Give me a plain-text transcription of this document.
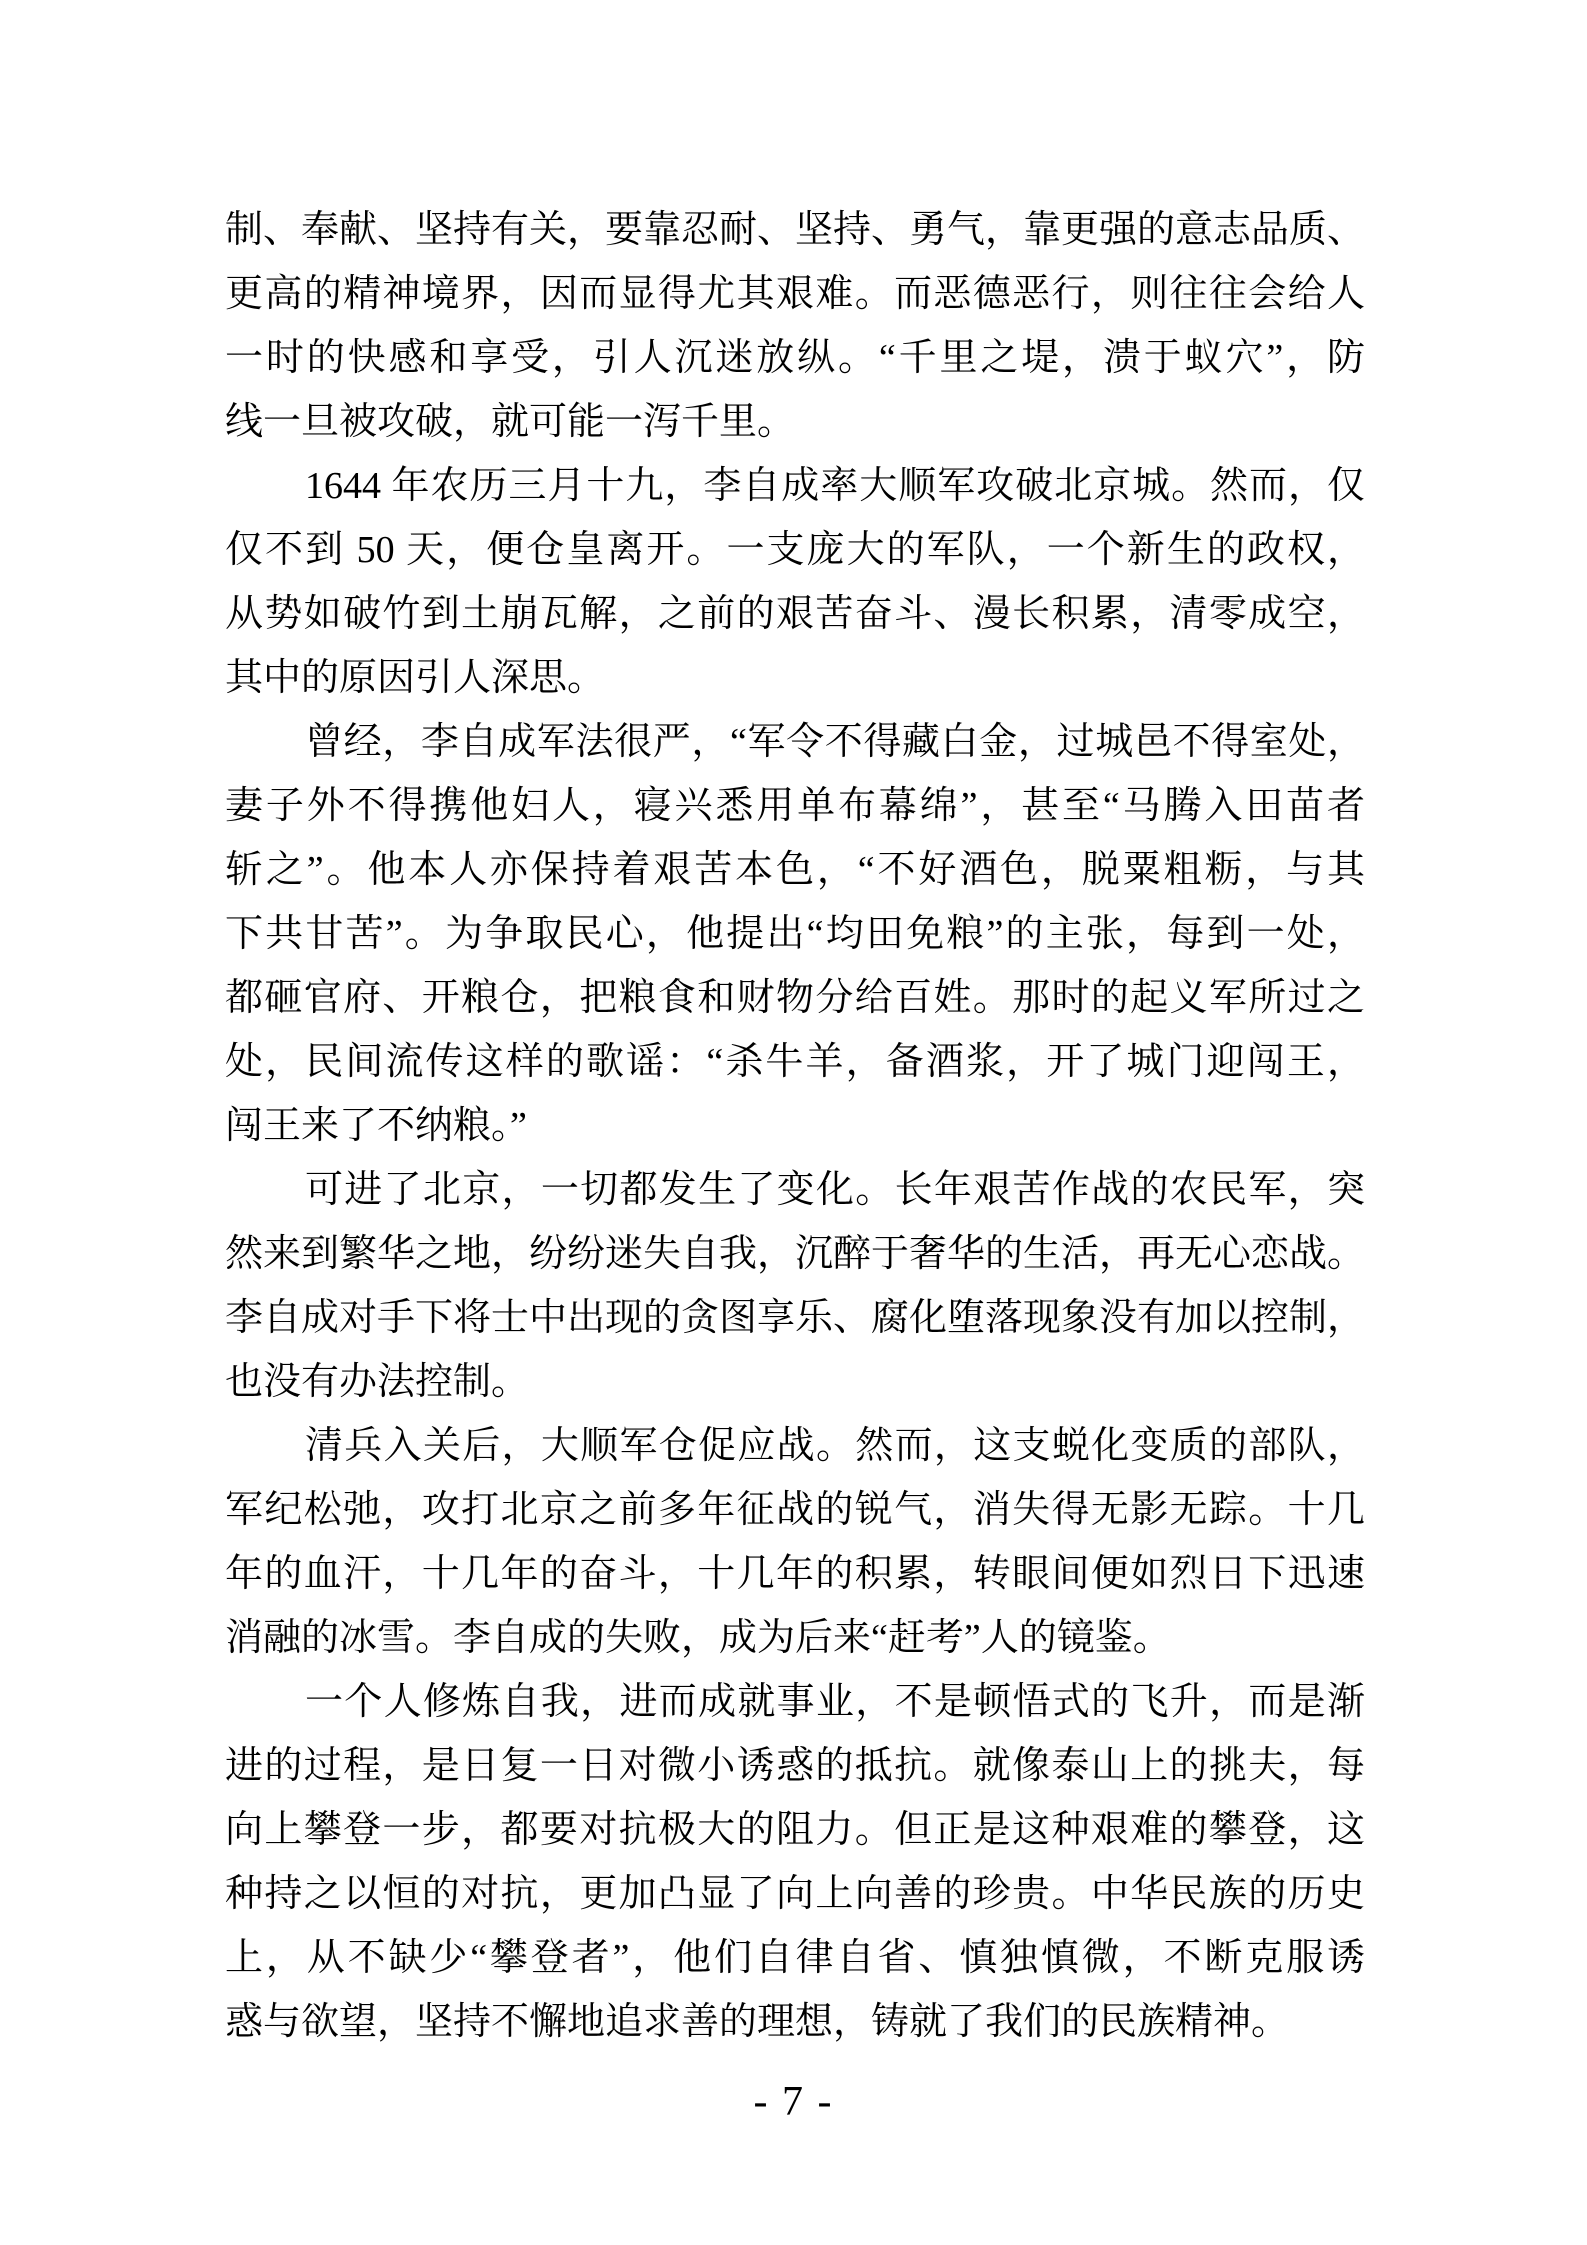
制、奉献、坚持有关，要靠忍耐、坚持、勇气，靠更强的意志品质、
更高的精神境界，因而显得尤其艰难。而恶德恶行，则往往会给人
一时的快感和享受，引人沉迷放纵。“千里之堤，溃于蚁穴”，防
线一旦被攻破，就可能一泻千里。
1644 年农历三月十九，李自成率大顺军攻破北京城。然而，仅
仅不到 50 天，便仓皇离开。一支庞大的军队，一个新生的政权，
从势如破竹到土崩瓦解，之前的艰苦奋斗、漫长积累，清零成空，
其中的原因引人深思。
曾经，李自成军法很严，“军令不得藏白金，过城邑不得室处，
妻子外不得携他妇人，寝兴悉用单布幕绵”，甚至“马腾入田苗者
斩之”。他本人亦保持着艰苦本色，“不好酒色，脱粟粗粝，与其
下共甘苦”。为争取民心，他提出“均田免粮”的主张，每到一处，
都砸官府、开粮仓，把粮食和财物分给百姓。那时的起义军所过之
处，民间流传这样的歌谣：“杀牛羊，备酒浆，开了城门迎闯王，
闯王来了不纳粮。”
可进了北京，一切都发生了变化。长年艰苦作战的农民军，突
然来到繁华之地，纷纷迷失自我，沉醉于奢华的生活，再无心恋战。
李自成对手下将士中出现的贪图享乐、腐化堕落现象没有加以控制，
也没有办法控制。
清兵入关后，大顺军仓促应战。然而，这支蜕化变质的部队，
军纪松弛，攻打北京之前多年征战的锐气，消失得无影无踪。十几
年的血汗，十几年的奋斗，十几年的积累，转眼间便如烈日下迅速
消融的冰雪。李自成的失败，成为后来“赶考”人的镜鉴。
一个人修炼自我，进而成就事业，不是顿悟式的飞升，而是渐
进的过程，是日复一日对微小诱惑的抵抗。就像泰山上的挑夫，每
向上攀登一步，都要对抗极大的阻力。但正是这种艰难的攀登，这
种持之以恒的对抗，更加凸显了向上向善的珍贵。中华民族的历史
上，从不缺少“攀登者”，他们自律自省、慎独慎微，不断克服诱
惑与欲望，坚持不懈地追求善的理想，铸就了我们的民族精神。
- 7 -
